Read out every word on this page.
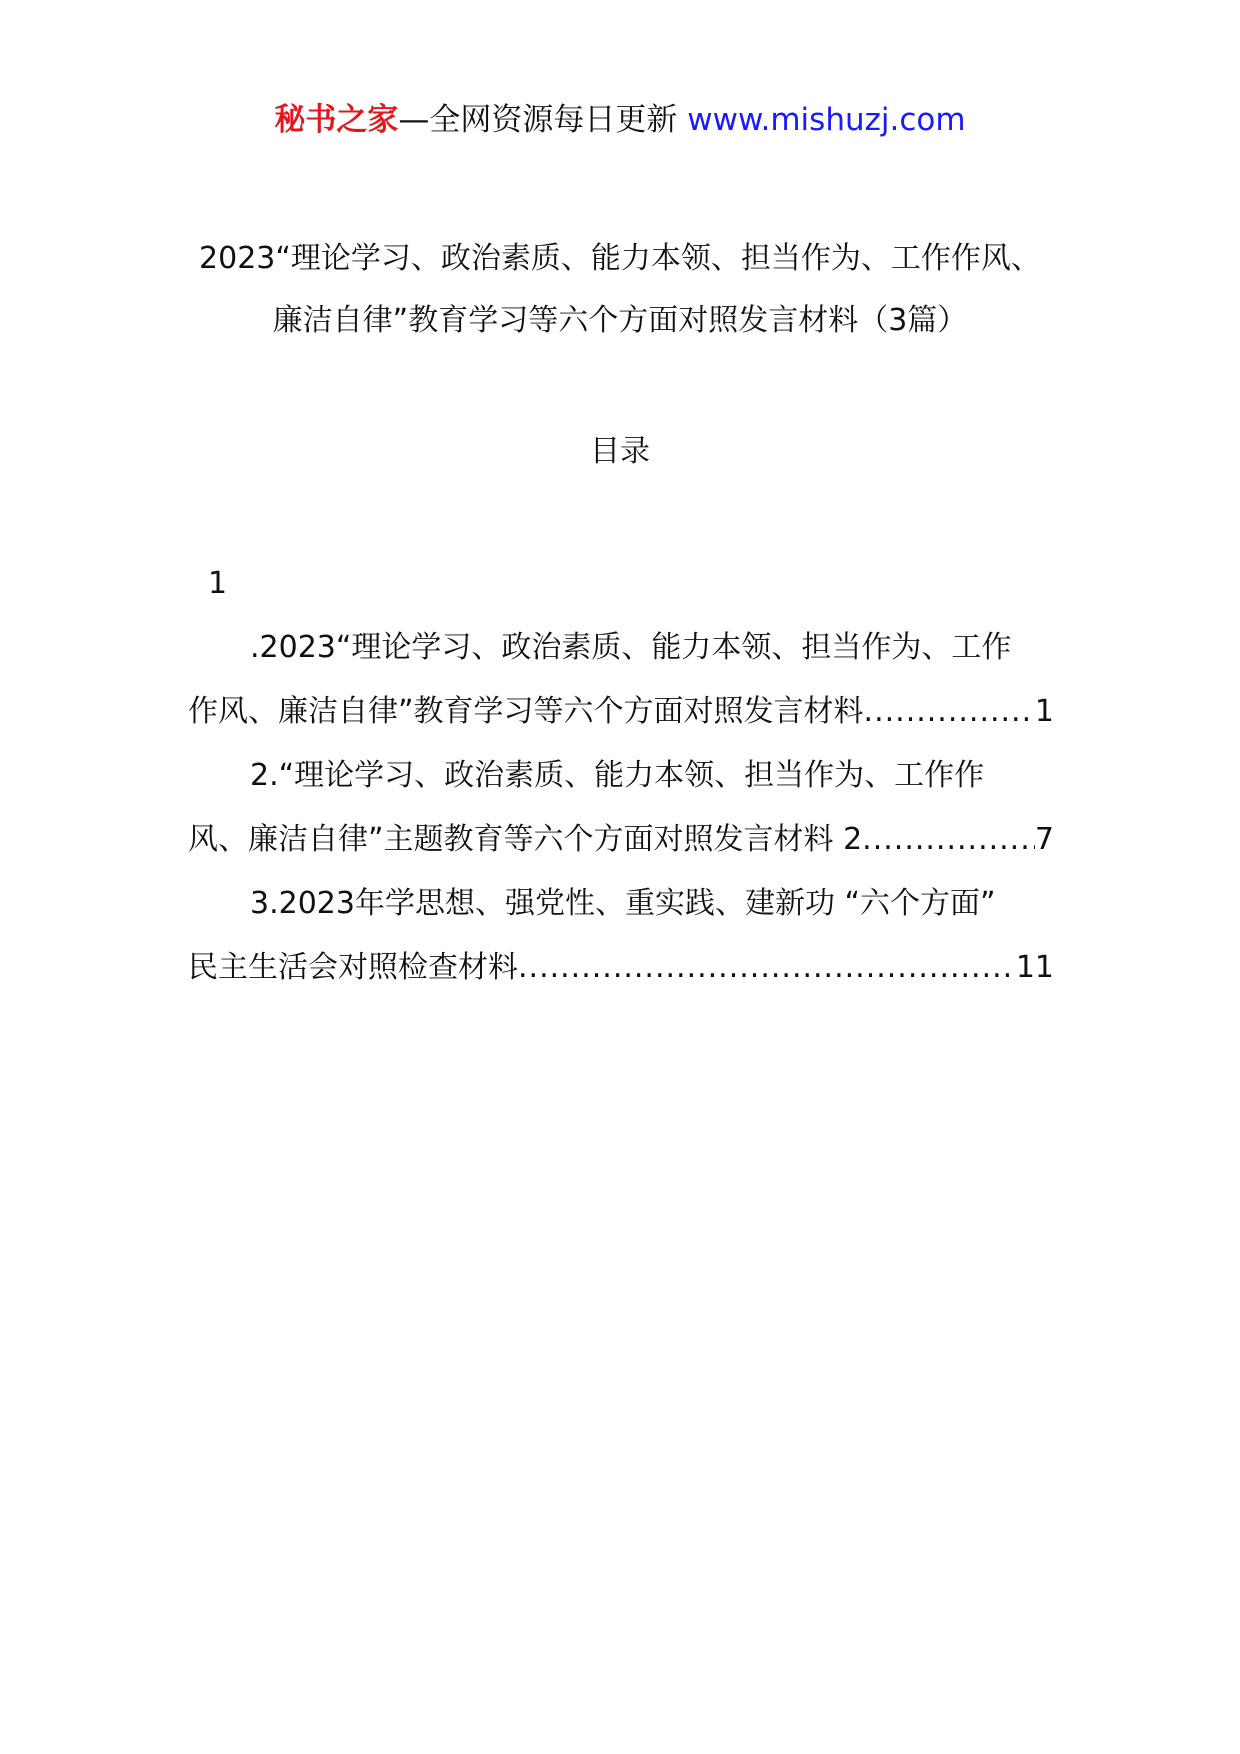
秘书之家—全网资源每日更新 www.mishuzj.com
2023“理论学习、政治素质、能力本领、担当作为、工作作风、
廉洁自律”教育学习等六个方面对照发言材料（3篇）
目录
1
.2023“理论学习、政治素质、能力本领、担当作为、工作
作风、廉洁自律”教育学习等六个方面对照发言材料 .....	1
2.“理论学习、政治素质、能力本领、担当作为、工作作
风、廉洁自律”主题教育等六个方面对照发言材料 2 .....	7
3.2023年学思想、强党性、重实践、建新功 “六个方面”
民主生活会对照检查材料 .....	11
